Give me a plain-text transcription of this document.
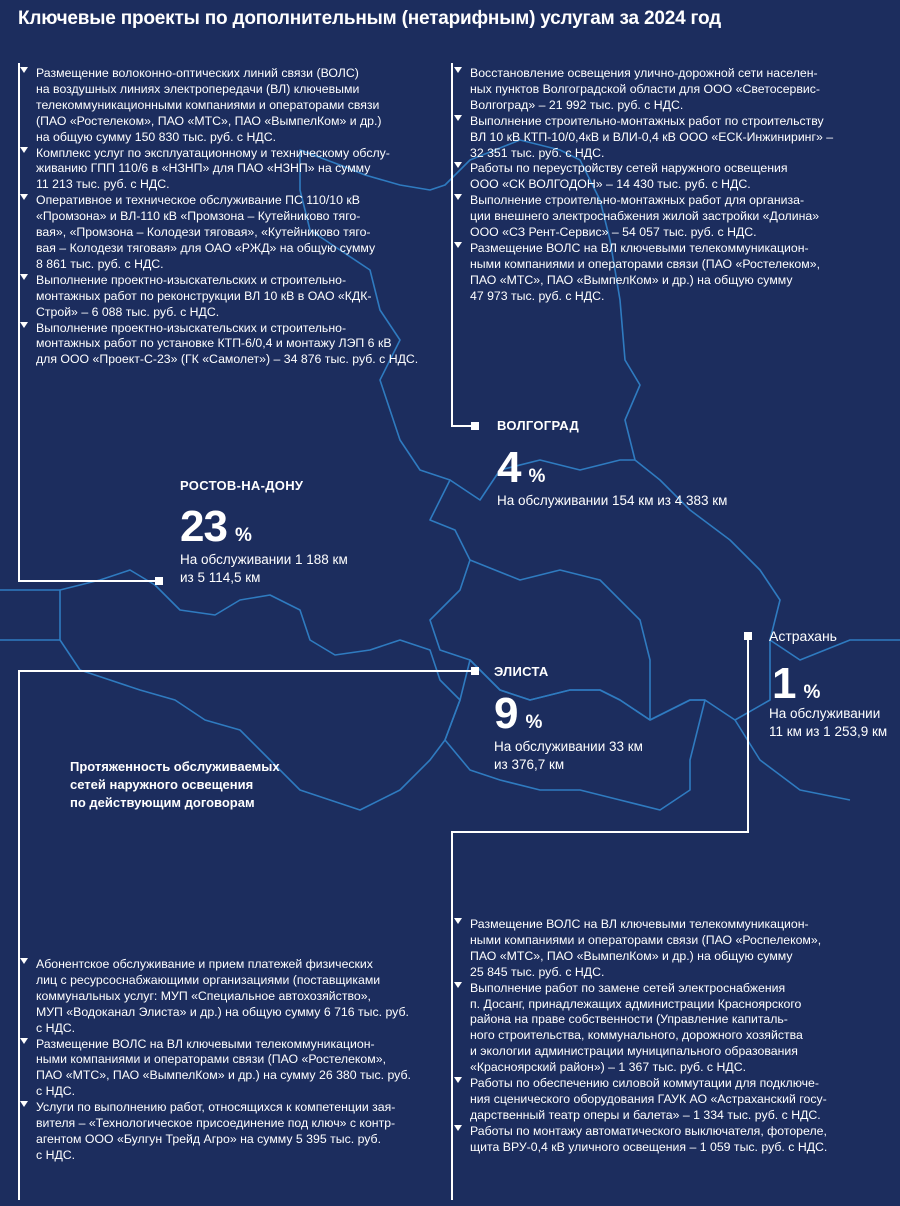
Ключевые проекты по дополнительным (нетарифным) услугам за 2024 год
Размещение волоконно-оптических линий связи (ВОЛС)
на воздушных линиях электропередачи (ВЛ) ключевыми
телекоммуникационными компаниями и операторами связи
(ПАО «Ростелеком», ПАО «МТС», ПАО «ВымпелКом» и др.)
на общую сумму 150 830 тыс. руб. с НДС.
Комплекс услуг по эксплуатационному и техническому обслу-
живанию ГПП 110/6 в «НЗНП» для ПАО «НЗНП» на сумму
11 213 тыс. руб. с НДС.
Оперативное и техническое обслуживание ПС 110/10 кВ
«Промзона» и ВЛ-110 кВ «Промзона – Кутейниково тяго-
вая», «Промзона – Колодези тяговая», «Кутейниково тяго-
вая – Колодези тяговая» для ОАО «РЖД» на общую сумму
8 861 тыс. руб. с НДС.
Выполнение проектно-изыскательских и строительно-
монтажных работ по реконструкции ВЛ 10 кВ в ОАО «КДК-
Строй» – 6 088 тыс. руб. с НДС.
Выполнение проектно-изыскательских и строительно-
монтажных работ по установке КТП-6/0,4 и монтажу ЛЭП 6 кВ
для ООО «Проект-С-23» (ГК «Самолет») – 34 876 тыс. руб. с НДС.
РОСТОВ-НА-ДОНУ
23 %
На обслуживании 1 188 км
из 5 114,5 км
Восстановление освещения улично-дорожной сети населен-
ных пунктов Волгоградской области для ООО «Светосервис-
Волгоград» – 21 992 тыс. руб. с НДС.
Выполнение строительно-монтажных работ по строительству
ВЛ 10 кВ КТП-10/0,4кВ и ВЛИ-0,4 кВ ООО «ЕСК-Инжиниринг» –
32 351 тыс. руб. с НДС.
Работы по переустройству сетей наружного освещения
ООО «СК ВОЛГОДОН» – 14 430 тыс. руб. с НДС.
Выполнение строительно-монтажных работ для организа-
ции внешнего электроснабжения жилой застройки «Долина»
ООО «СЗ Рент-Сервис» – 54 057 тыс. руб. с НДС.
Размещение ВОЛС на ВЛ ключевыми телекоммуникацион-
ными компаниями и операторами связи (ПАО «Ростелеком»,
ПАО «МТС», ПАО «ВымпелКом» и др.) на общую сумму
47 973 тыс. руб. с НДС.
ВОЛГОГРАД
4 %
На обслуживании 154 км из 4 383 км
ЭЛИСТА
9 %
На обслуживании 33 км
из 376,7 км
Протяженность обслуживаемых
сетей наружного освещения
по действующим договорам
Абонентское обслуживание и прием платежей физических
лиц с ресурсоснабжающими организациями (поставщиками
коммунальных услуг: МУП «Специальное автохозяйство»,
МУП «Водоканал Элиста» и др.) на общую сумму 6 716 тыс. руб.
с НДС.
Размещение ВОЛС на ВЛ ключевыми телекоммуникацион-
ными компаниями и операторами связи (ПАО «Ростелеком»,
ПАО «МТС», ПАО «ВымпелКом» и др.) на сумму 26 380 тыс. руб.
с НДС.
Услуги по выполнению работ, относящихся к компетенции зая-
вителя – «Технологическое присоединение под ключ» с контр-
агентом ООО «Булгун Трейд Агро» на сумму 5 395 тыс. руб.
с НДС.
Астрахань
1 %
На обслуживании
11 км из 1 253,9 км
Размещение ВОЛС на ВЛ ключевыми телекоммуникацион-
ными компаниями и операторами связи (ПАО «Роспелеком»,
ПАО «МТС», ПАО «ВымпелКом» и др.) на общую сумму
25 845 тыс. руб. с НДС.
Выполнение работ по замене сетей электроснабжения
п. Досанг, принадлежащих администрации Красноярского
района на праве собственности (Управление капиталь-
ного строительства, коммунального, дорожного хозяйства
и экологии администрации муниципального образования
«Красноярский район») – 1 367 тыс. руб. с НДС.
Работы по обеспечению силовой коммутации для подключе-
ния сценического оборудования ГАУК АО «Астраханский госу-
дарственный театр оперы и балета» – 1 334 тыс. руб. с НДС.
Работы по монтажу автоматического выключателя, фотореле,
щита ВРУ-0,4 кВ уличного освещения – 1 059 тыс. руб. с НДС.
